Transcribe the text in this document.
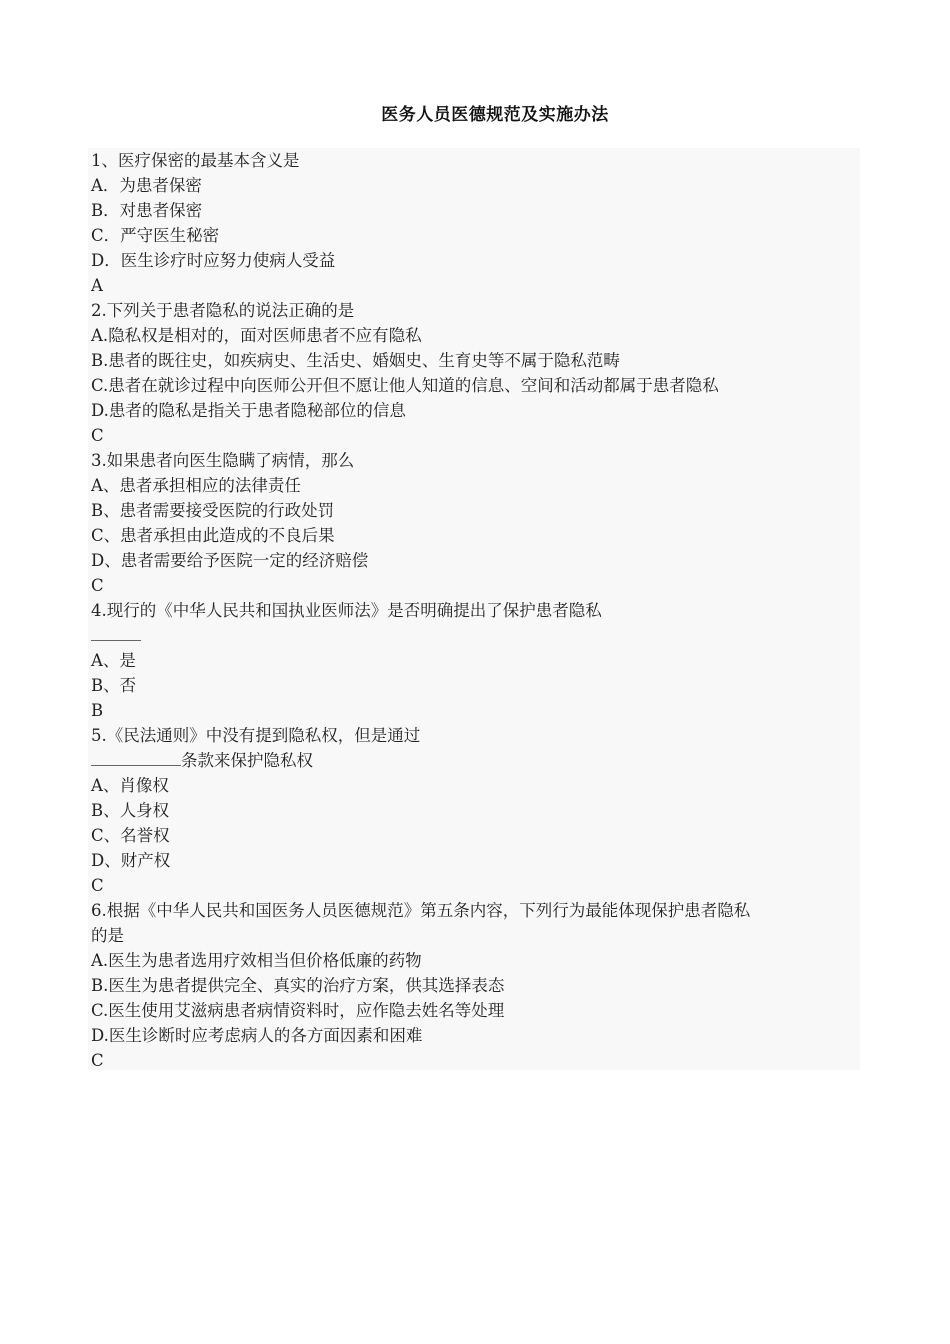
医务人员医德规范及实施办法
1、医疗保密的最基本含义是
A．为患者保密
B．对患者保密
C．严守医生秘密
D．医生诊疗时应努力使病人受益
A
2.下列关于患者隐私的说法正确的是
A.隐私权是相对的，面对医师患者不应有隐私
B.患者的既往史，如疾病史、生活史、婚姻史、生育史等不属于隐私范畴
C.患者在就诊过程中向医师公开但不愿让他人知道的信息、空间和活动都属于患者隐私
D.患者的隐私是指关于患者隐秘部位的信息
C
3.如果患者向医生隐瞒了病情，那么
A、患者承担相应的法律责任
B、患者需要接受医院的行政处罚
C、患者承担由此造成的不良后果
D、患者需要给予医院一定的经济赔偿
C
4.现行的《中华人民共和国执业医师法》是否明确提出了保护患者隐私
A、是
B、否
B
5.《民法通则》中没有提到隐私权，但是通过
条款来保护隐私权
A、肖像权
B、人身权
C、名誉权
D、财产权
C
6.根据《中华人民共和国医务人员医德规范》第五条内容，下列行为最能体现保护患者隐私
的是
A.医生为患者选用疗效相当但价格低廉的药物
B.医生为患者提供完全、真实的治疗方案，供其选择表态
C.医生使用艾滋病患者病情资料时，应作隐去姓名等处理
D.医生诊断时应考虑病人的各方面因素和困难
C
